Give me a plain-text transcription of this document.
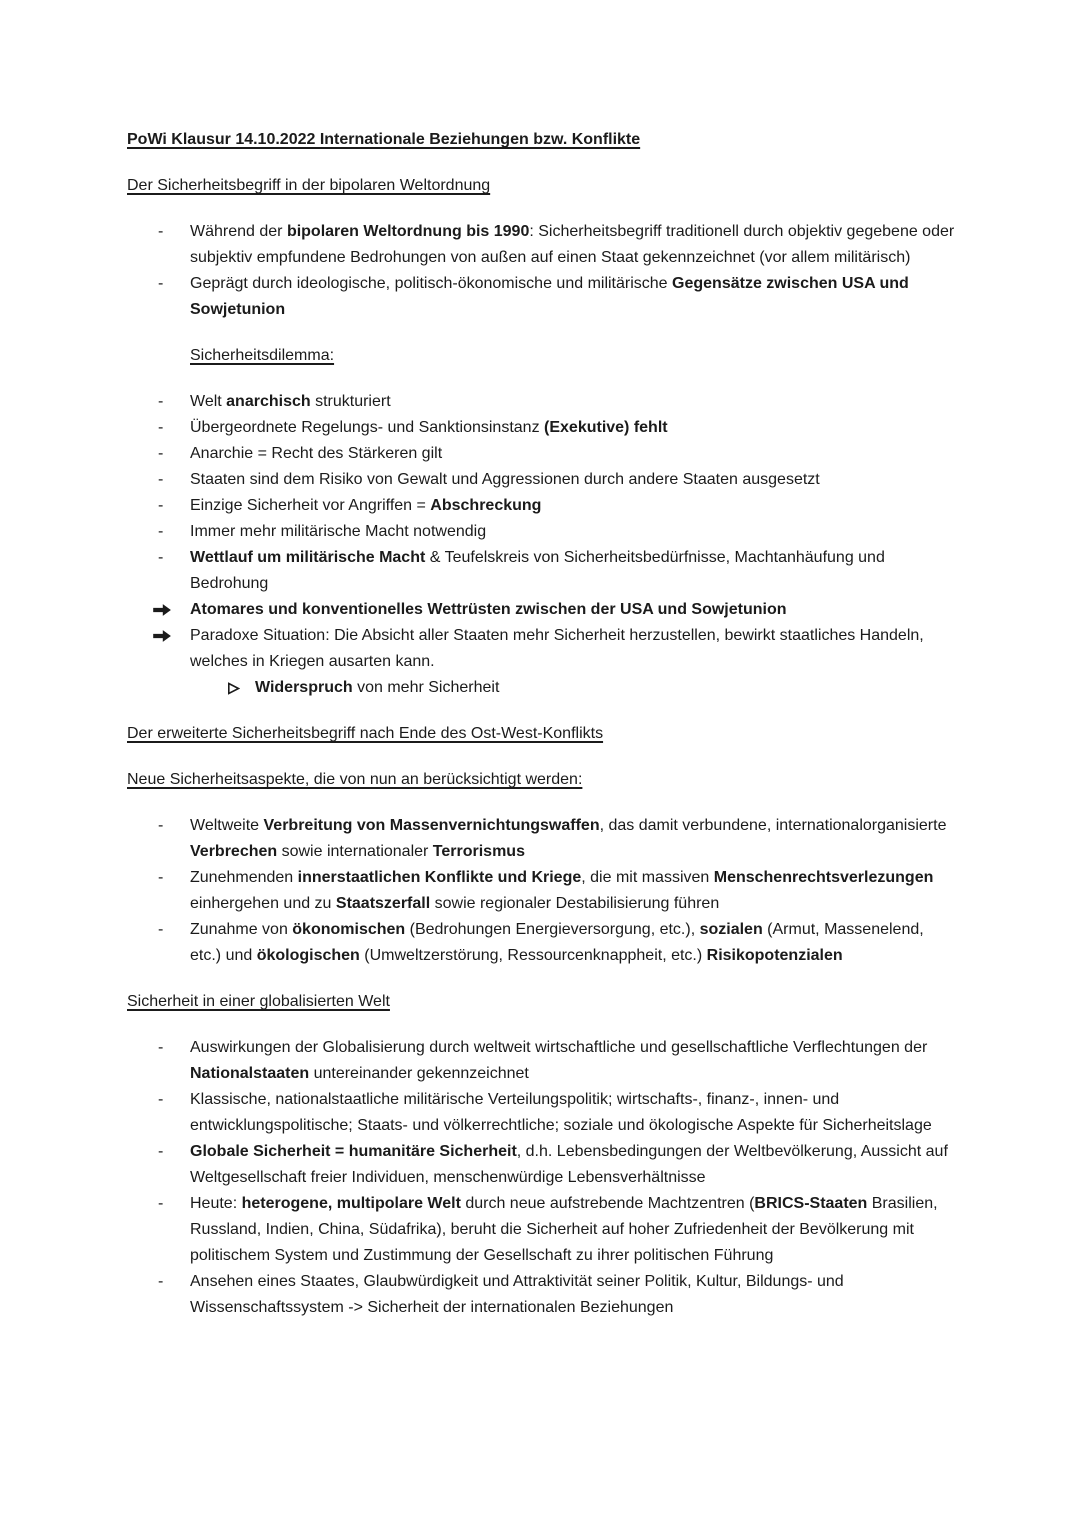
PoWi Klausur 14.10.2022 Internationale Beziehungen bzw. Konflikte
Der Sicherheitsbegriff in der bipolaren Weltordnung
- Während der bipolaren Weltordnung bis 1990: Sicherheitsbegriff traditionell durch objektiv gegebene oder subjektiv empfundene Bedrohungen von außen auf einen Staat gekennzeichnet (vor allem militärisch)
- Geprägt durch ideologische, politisch-ökonomische und militärische Gegensätze zwischen USA und Sowjetunion
Sicherheitsdilemma:
- Welt anarchisch strukturiert
- Übergeordnete Regelungs- und Sanktionsinstanz (Exekutive) fehlt
- Anarchie = Recht des Stärkeren gilt
- Staaten sind dem Risiko von Gewalt und Aggressionen durch andere Staaten ausgesetzt
- Einzige Sicherheit vor Angriffen = Abschreckung
- Immer mehr militärische Macht notwendig
- Wettlauf um militärische Macht & Teufelskreis von Sicherheitsbedürfnisse, Machtanhäufung und Bedrohung
Atomares und konventionelles Wettrüsten zwischen der USA und Sowjetunion
Paradoxe Situation: Die Absicht aller Staaten mehr Sicherheit herzustellen, bewirkt staatliches Handeln, welches in Kriegen ausarten kann.
Widerspruch von mehr Sicherheit
Der erweiterte Sicherheitsbegriff nach Ende des Ost-West-Konflikts
Neue Sicherheitsaspekte, die von nun an berücksichtigt werden:
- Weltweite Verbreitung von Massenvernichtungswaffen, das damit verbundene, internationalorganisierte Verbrechen sowie internationaler Terrorismus
- Zunehmenden innerstaatlichen Konflikte und Kriege, die mit massiven Menschenrechtsverlezungen einhergehen und zu Staatszerfall sowie regionaler Destabilisierung führen
- Zunahme von ökonomischen (Bedrohungen Energieversorgung, etc.), sozialen (Armut, Massenelend, etc.) und ökologischen (Umweltzerstörung, Ressourcenknappheit, etc.) Risikopotenzialen
Sicherheit in einer globalisierten Welt
- Auswirkungen der Globalisierung durch weltweit wirtschaftliche und gesellschaftliche Verflechtungen der Nationalstaaten untereinander gekennzeichnet
- Klassische, nationalstaatliche militärische Verteilungspolitik; wirtschafts-, finanz-, innen- und entwicklungspolitische; Staats- und völkerrechtliche; soziale und ökologische Aspekte für Sicherheitslage
- Globale Sicherheit = humanitäre Sicherheit, d.h. Lebensbedingungen der Weltbevölkerung, Aussicht auf Weltgesellschaft freier Individuen, menschenwürdige Lebensverhältnisse
- Heute: heterogene, multipolare Welt durch neue aufstrebende Machtzentren (BRICS-Staaten Brasilien, Russland, Indien, China, Südafrika), beruht die Sicherheit auf hoher Zufriedenheit der Bevölkerung mit politischem System und Zustimmung der Gesellschaft zu ihrer politischen Führung
- Ansehen eines Staates, Glaubwürdigkeit und Attraktivität seiner Politik, Kultur, Bildungs- und Wissenschaftssystem -> Sicherheit der internationalen Beziehungen
